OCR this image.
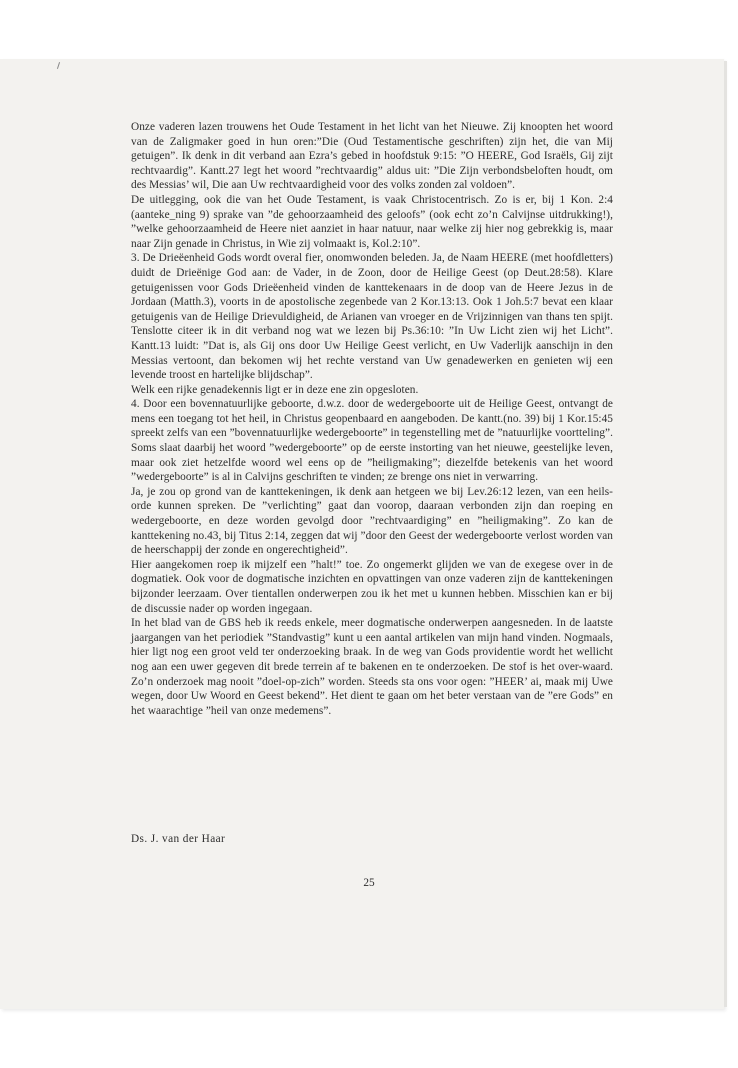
Onze vaderen lazen trouwens het Oude Testament in het licht van het Nieuwe. Zij knoopten het woord van de Zaligmaker goed in hun oren:”Die (Oud Testamentische geschriften) zijn het, die van Mij getuigen”. Ik denk in dit verband aan Ezra’s gebed in hoofdstuk 9:15: ”O HEERE, God Israëls, Gij zijt rechtvaardig”. Kantt.27 legt het woord ”rechtvaardig” aldus uit: ”Die Zijn verbondsbeloften houdt, om des Messias’ wil, Die aan Uw rechtvaardigheid voor des volks zonden zal voldoen”.

De uitlegging, ook die van het Oude Testament, is vaak Christocentrisch. Zo is er, bij 1 Kon. 2:4 (aanteke_ning 9) sprake van ”de gehoorzaamheid des geloofs” (ook echt zo’n Calvijnse uitdrukking!), ”welke gehoorzaamheid de Heere niet aanziet in haar natuur, naar welke zij hier nog gebrekkig is, maar naar Zijn genade in Christus, in Wie zij volmaakt is, Kol.2:10”.

3. De Drieëenheid Gods wordt overal fier, onomwonden beleden. Ja, de Naam HEERE (met hoofdletters) duidt de Drieënige God aan: de Vader, in de Zoon, door de Heilige Geest (op Deut.28:58). Klare getuigenissen voor Gods Drieëenheid vinden de kanttekenaars in de doop van de Heere Jezus in de Jordaan (Matth.3), voorts in de apostolische zegenbede van 2 Kor.13:13. Ook 1 Joh.5:7 bevat een klaar getuigenis van de Heilige Drievuldigheid, de Arianen van vroeger en de Vrijzinnigen van thans ten spijt. Tenslotte citeer ik in dit verband nog wat we lezen bij Ps.36:10: ”In Uw Licht zien wij het Licht”. Kantt.13 luidt: ”Dat is, als Gij ons door Uw Heilige Geest verlicht, en Uw Vaderlijk aanschijn in den Messias vertoont, dan bekomen wij het rechte verstand van Uw genadewerken en genieten wij een levende troost en hartelijke blijdschap”.

Welk een rijke genadekennis ligt er in deze ene zin opgesloten.

4. Door een bovennatuurlijke geboorte, d.w.z. door de wedergeboorte uit de Heilige Geest, ontvangt de mens een toegang tot het heil, in Christus geopenbaard en aangeboden. De kantt.(no. 39) bij 1 Kor.15:45 spreekt zelfs van een ”bovennatuurlijke wedergeboorte” in tegenstelling met de ”natuurlijke voortteling”. Soms slaat daarbij het woord ”wedergeboorte” op de eerste instorting van het nieuwe, geestelijke leven, maar ook ziet hetzelfde woord wel eens op de ”heiligmaking”; diezelfde betekenis van het woord ”wedergeboorte” is al in Calvijns geschriften te vinden; ze brenge ons niet in verwarring.

Ja, je zou op grond van de kanttekeningen, ik denk aan hetgeen we bij Lev.26:12 lezen, van een heils-orde kunnen spreken. De ”verlichting” gaat dan voorop, daaraan verbonden zijn dan roeping en wedergeboorte, en deze worden gevolgd door ”rechtvaardiging” en ”heiligmaking”. Zo kan de kanttekening no.43, bij Titus 2:14, zeggen dat wij ”door den Geest der wedergeboorte verlost worden van de heerschappij der zonde en ongerechtigheid”.

Hier aangekomen roep ik mijzelf een ”halt!” toe. Zo ongemerkt glijden we van de exegese over in de dogmatiek. Ook voor de dogmatische inzichten en opvattingen van onze vaderen zijn de kanttekeningen bijzonder leerzaam. Over tientallen onderwerpen zou ik het met u kunnen hebben. Misschien kan er bij de discussie nader op worden ingegaan.

In het blad van de GBS heb ik reeds enkele, meer dogmatische onderwerpen aangesneden. In de laatste jaargangen van het periodiek ”Standvastig” kunt u een aantal artikelen van mijn hand vinden. Nogmaals, hier ligt nog een groot veld ter onderzoeking braak. In de weg van Gods providentie wordt het wellicht nog aan een uwer gegeven dit brede terrein af te bakenen en te onderzoeken. De stof is het over-waard. Zo’n onderzoek mag nooit ”doel-op-zich” worden. Steeds sta ons voor ogen: ”HEER’ ai, maak mij Uwe wegen, door Uw Woord en Geest bekend”. Het dient te gaan om het beter verstaan van de ”ere Gods” en het waarachtige ”heil van onze medemens”.

Ds. J. van der Haar
25
